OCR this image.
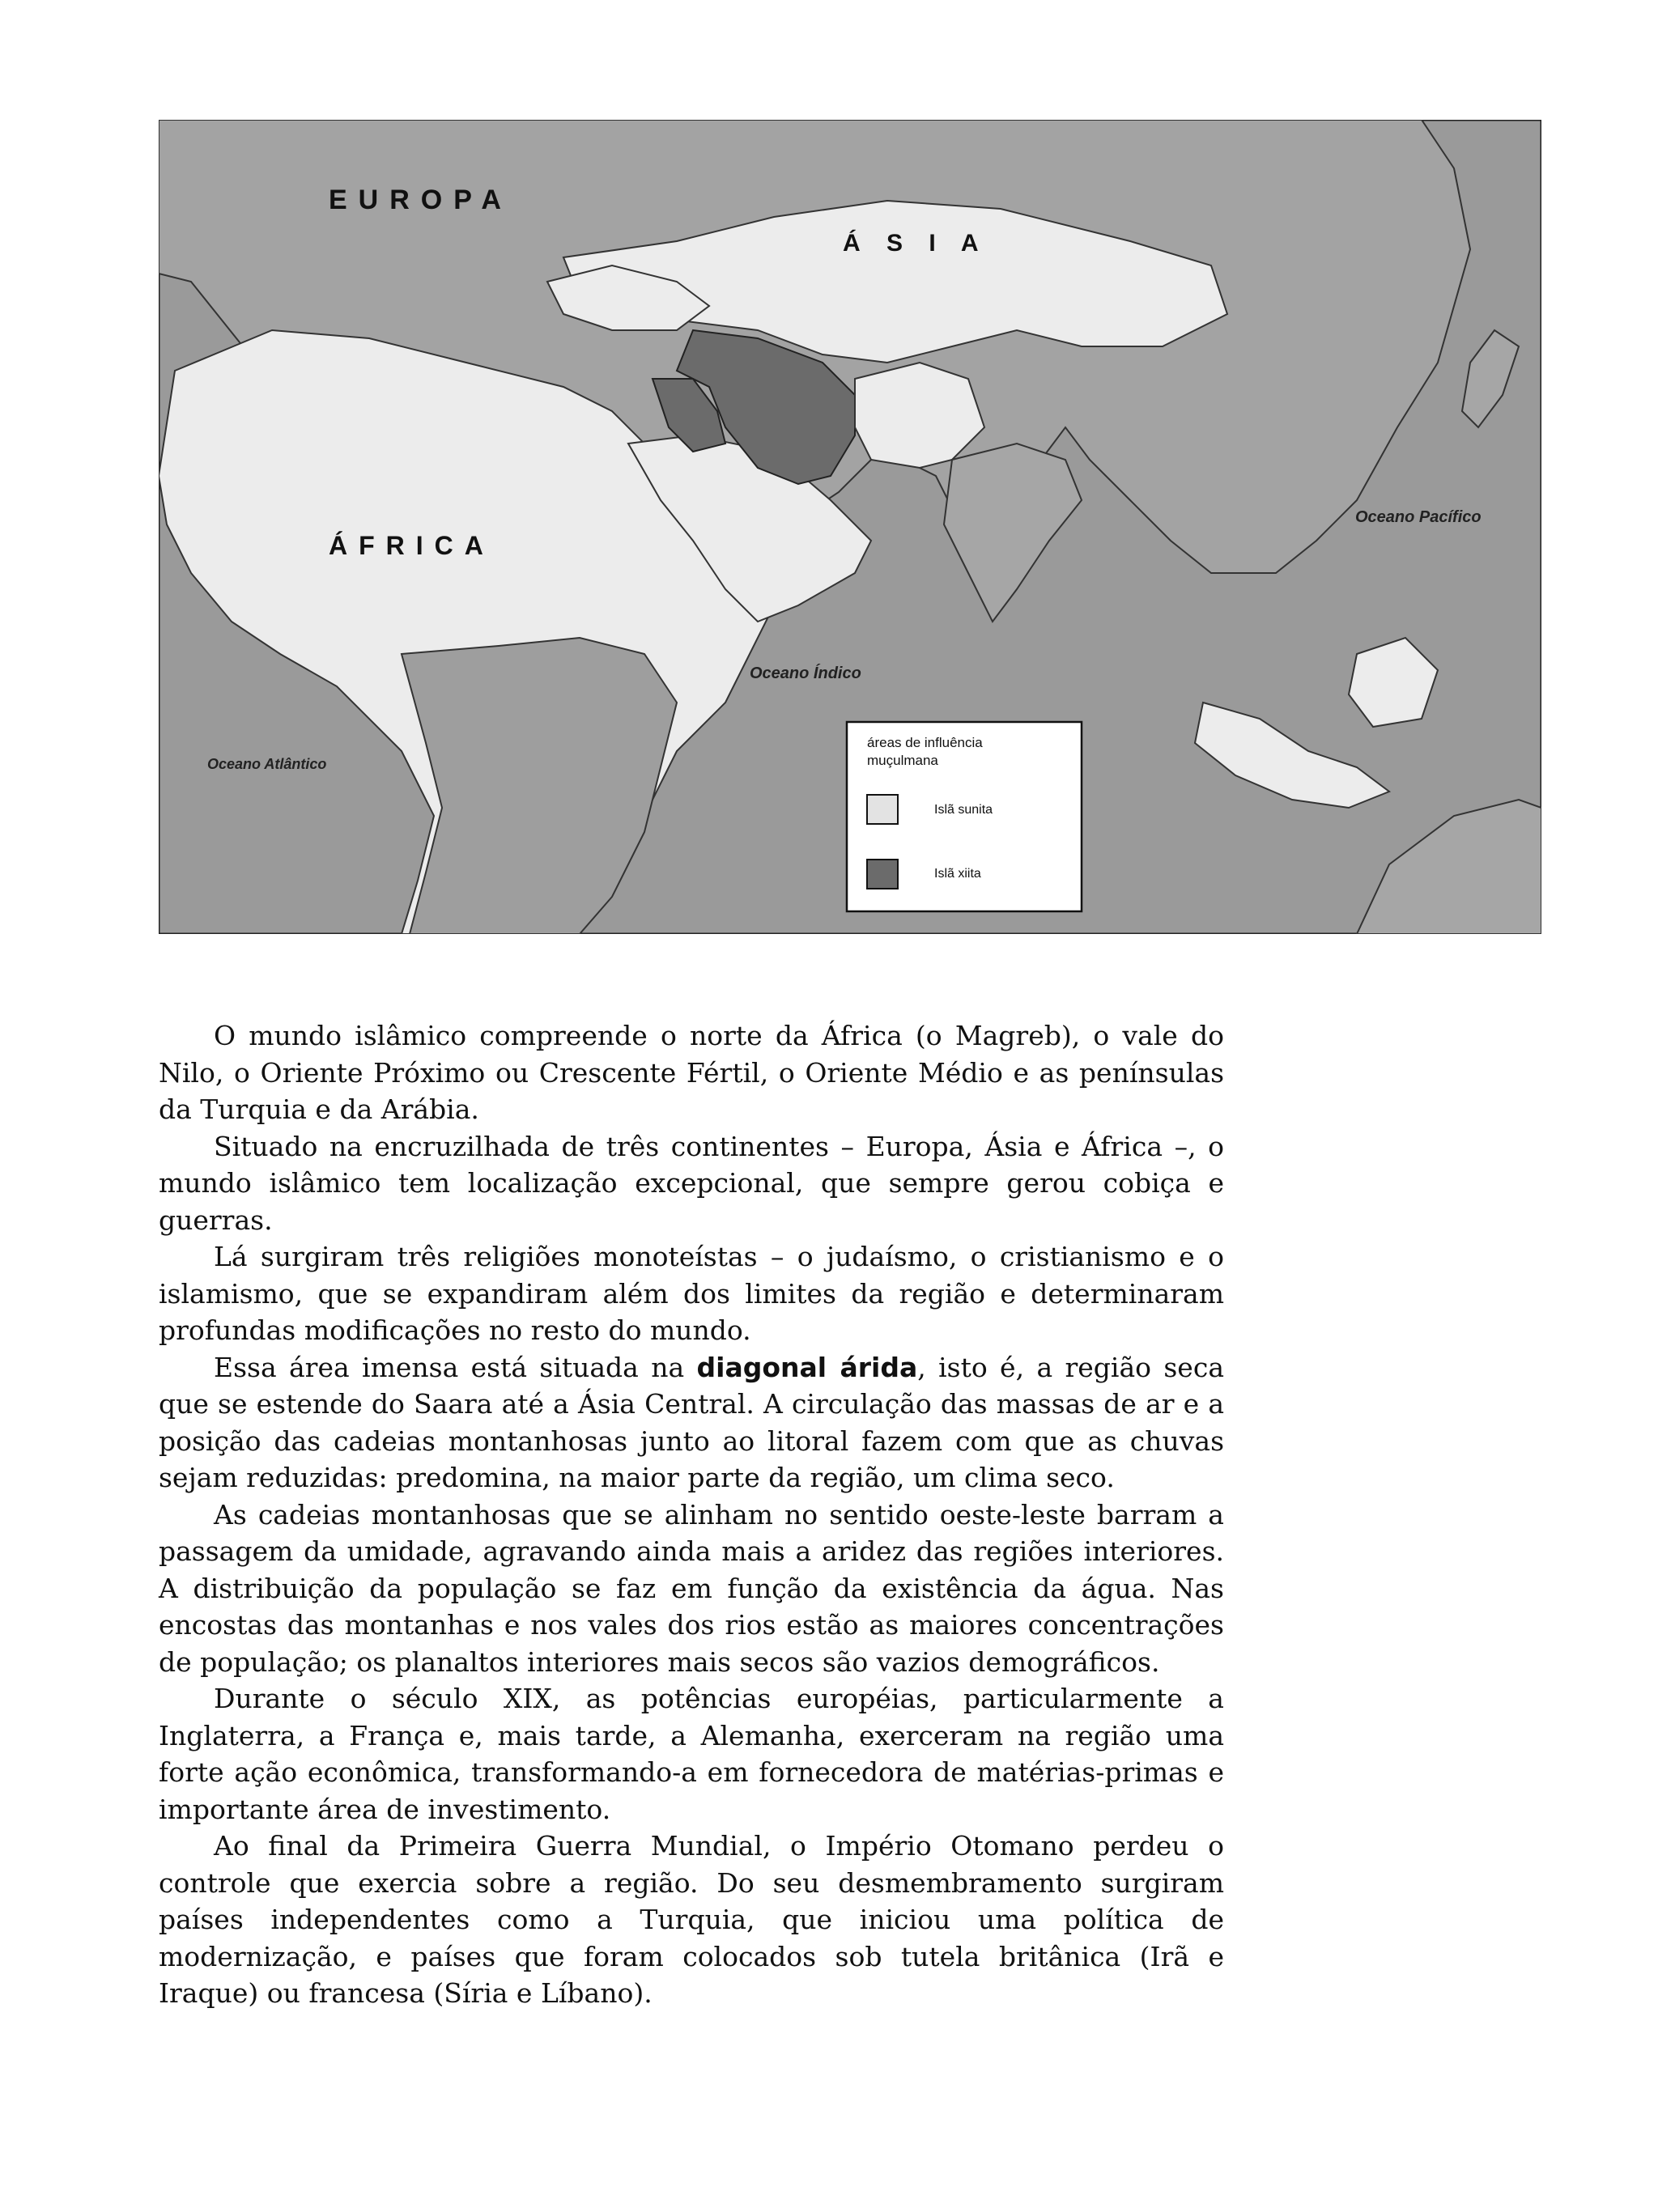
EUROPA
Á S I A
ÁFRICA
Oceano Pacífico
Oceano Índico
Oceano Atlântico
áreas de influência
muçulmana
Islã sunita
Islã xiita

O mundo islâmico compreende o norte da África (o Magreb), o vale do Nilo, o Oriente Próximo ou Crescente Fértil, o Oriente Médio e as penínsulas da Turquia e da Arábia.

Situado na encruzilhada de três continentes – Europa, Ásia e África –, o mundo islâmico tem localização excepcional, que sempre gerou cobiça e guerras.

Lá surgiram três religiões monoteístas – o judaísmo, o cristianismo e o islamismo, que se expandiram além dos limites da região e determinaram profundas modificações no resto do mundo.

Essa área imensa está situada na diagonal árida, isto é, a região seca que se estende do Saara até a Ásia Central. A circulação das massas de ar e a posição das cadeias montanhosas junto ao litoral fazem com que as chuvas sejam reduzidas: predomina, na maior parte da região, um clima seco.

As cadeias montanhosas que se alinham no sentido oeste-leste barram a passagem da umidade, agravando ainda mais a aridez das regiões interiores. A distribuição da população se faz em função da existência da água. Nas encostas das montanhas e nos vales dos rios estão as maiores concentrações de população; os planaltos interiores mais secos são vazios demográficos.

Durante o século XIX, as potências européias, particularmente a Inglaterra, a França e, mais tarde, a Alemanha, exerceram na região uma forte ação econômica, transformando-a em fornecedora de matérias-primas e importante área de investimento.

Ao final da Primeira Guerra Mundial, o Império Otomano perdeu o controle que exercia sobre a região. Do seu desmembramento surgiram países independentes como a Turquia, que iniciou uma política de modernização, e países que foram colocados sob tutela britânica (Irã e Iraque) ou francesa (Síria e Líbano).
